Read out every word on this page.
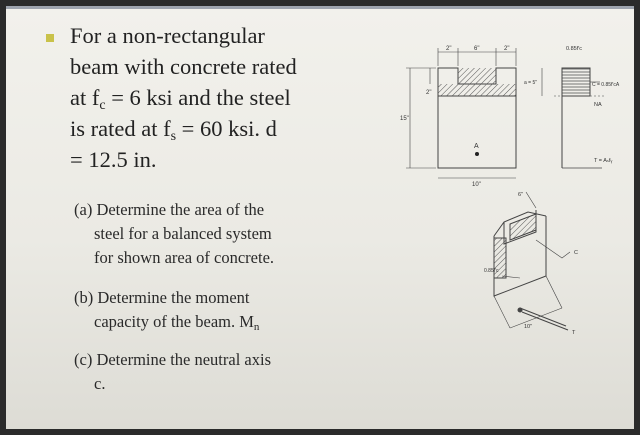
For a non-rectangular
beam with concrete rated
at $f_c = 6$ ksi and the steel
is rated at $f_s = 60$ ksi. d
= 12.5 in.
(a) Determine the area of the
steel for a balanced system
for shown area of concrete.
(b) Determine the moment
capacity of the beam. $M_n$
(c) Determine the neutral axis
c.
2"	6"	2"
2"
15"
10"
A
0.85f′c
a = 5"	C = 0.85f′cA
NA
T = Aₛfᵧ
6"
0.85f′c
C
T
10"
